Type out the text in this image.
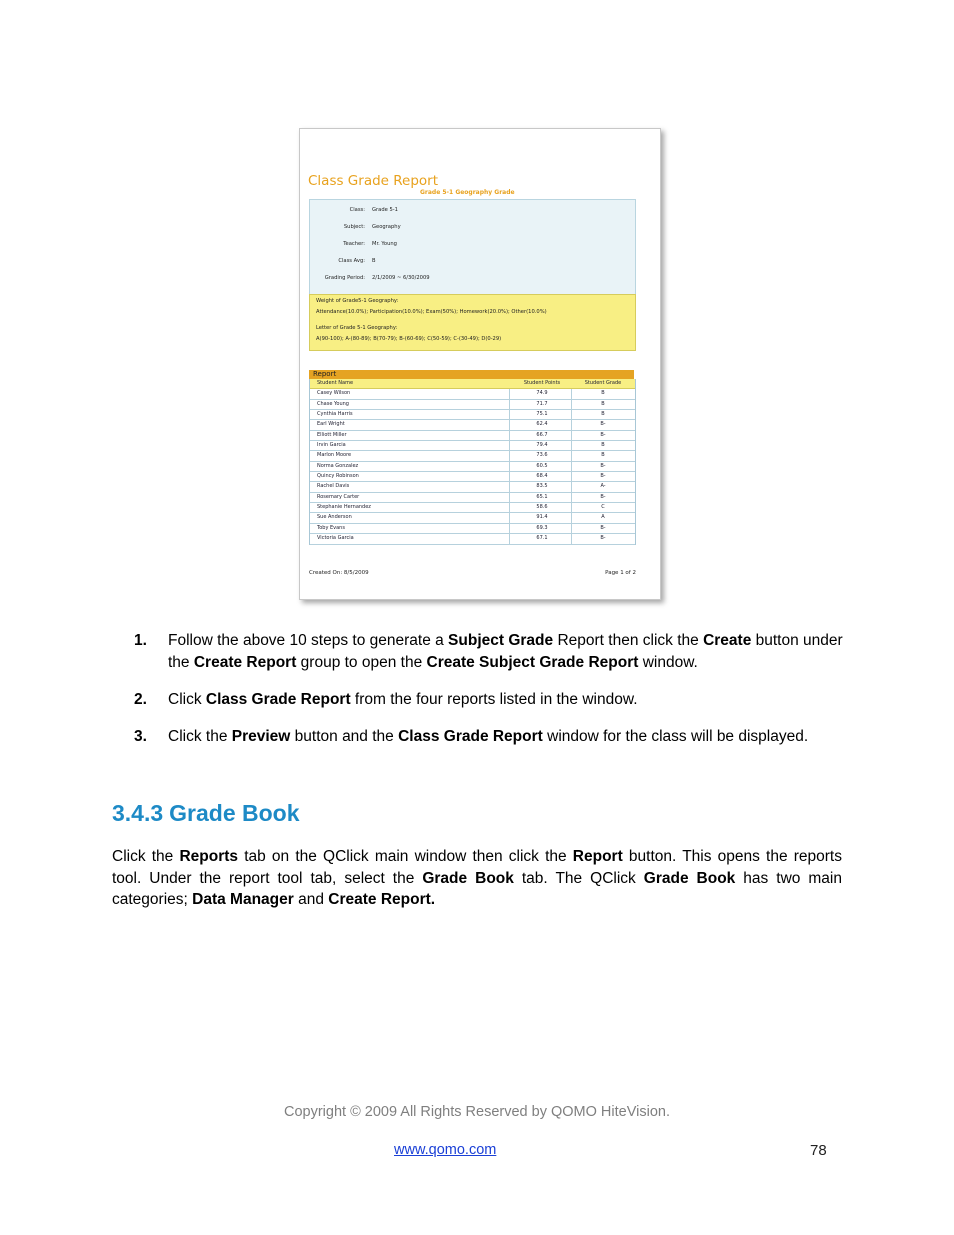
Class Grade Report
Grade 5-1 Geography Grade
Class: Grade 5-1
Subject: Geography
Teacher: Mr. Young
Class Avg: B
Grading Period: 2/1/2009 ~ 6/30/2009
Weight of Grade5-1 Geography:
Attendance(10.0%); Participation(10.0%); Exam(50%); Homework(20.0%); Other(10.0%)
Letter of Grade 5-1 Geography:
A(90-100); A-(80-89); B(70-79); B-(60-69); C(50-59); C-(30-49); D(0-29)
Report
Student Name	Student Points	Student Grade
Casey Wilson	74.9	B
Chase Young	71.7	B
Cynthia Harris	75.1	B
Earl Wright	62.4	B-
Elliott Miller	66.7	B-
Irvin Garcia	79.4	B
Marlon Moore	73.6	B
Norma Gonzalez	60.5	B-
Quincy Robinson	68.4	B-
Rachel Davis	83.5	A-
Rosemary Carter	65.1	B-
Stephanie Hernandez	58.6	C
Sue Anderson	91.4	A
Toby Evans	69.3	B-
Victoria Garcia	67.1	B-
Created On: 8/5/2009	Page 1 of 2
1. Follow the above 10 steps to generate a Subject Grade Report then click the Create button under the Create Report group to open the Create Subject Grade Report window.
2. Click Class Grade Report from the four reports listed in the window.
3. Click the Preview button and the Class Grade Report window for the class will be displayed.
3.4.3 Grade Book
Click the Reports tab on the QClick main window then click the Report button. This opens the reports tool. Under the report tool tab, select the Grade Book tab. The QClick Grade Book has two main categories; Data Manager and Create Report.
Copyright © 2009 All Rights Reserved by QOMO HiteVision.
www.qomo.com	78
